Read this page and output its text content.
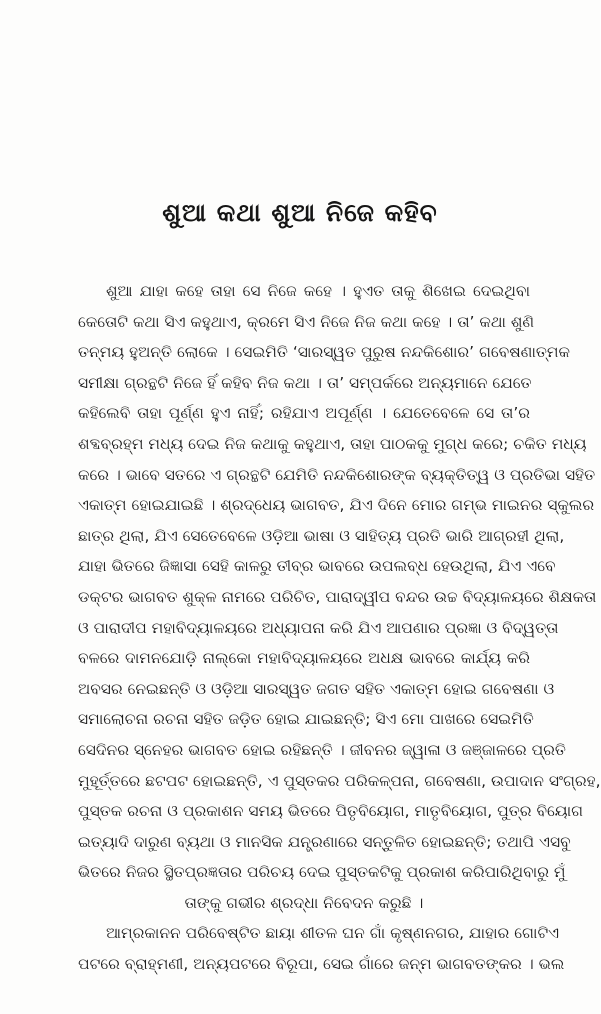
ଶୁଆ କଥା ଶୁଆ ନିଜେ କହିବ
ଶୁଆ ଯାହା କହେ ତାହା ସେ ନିଜେ କହେ । ହୁଏତ ତାକୁ ଶିଖେଇ ଦେଇଥିବା
କେତୋଟି କଥା ସିଏ କହୁଥାଏ, କ୍ରମେ ସିଏ ନିଜେ ନିଜ କଥା କହେ । ତା’ କଥା ଶୁଣି
ତନ୍ମୟ ହୁଅନ୍ତି ଲୋକେ । ସେଇମିତି ‘ସାରସ୍ୱତ ପୁରୁଷ ନନ୍ଦକିଶୋର’ ଗବେଷଣାତ୍ମକ
ସମୀକ୍ଷା ଗ୍ରନ୍ଥଟି ନିଜେ ହିଁ କହିବ ନିଜ କଥା । ତା’ ସମ୍ପର୍କରେ ଅନ୍ୟମାନେ ଯେତେ
କହିଲେବି ତାହା ପୂର୍ଣ୍ଣ ହୁଏ ନାହିଁ; ରହିଯାଏ ଅପୂର୍ଣ୍ଣ । ଯେତେବେଳେ ସେ ତା’ର
ଶବ୍ଦବ୍ରହ୍ମ ମଧ୍ୟ ଦେଇ ନିଜ କଥାକୁ କହୁଥାଏ, ତାହା ପାଠକକୁ ମୁଗ୍ଧ କରେ; ଚକିତ ମଧ୍ୟ
କରେ । ଭାବେ ସତରେ ଏ ଗ୍ରନ୍ଥଟି ଯେମିତି ନନ୍ଦକିଶୋରଙ୍କ ବ୍ୟକ୍ତିତ୍ୱ ଓ ପ୍ରତିଭା ସହିତ
ଏକାତ୍ମ ହୋଇଯାଇଛି । ଶ୍ରଦ୍ଧେୟ ଭାଗବତ, ଯିଏ ଦିନେ ମୋର ଗମ୍ଭ ମାଇନର ସ୍କୁଲର
ଛାତ୍ର ଥିଲା, ଯିଏ ସେତେବେଳେ ଓଡ଼ିଆ ଭାଷା ଓ ସାହିତ୍ୟ ପ୍ରତି ଭାରି ଆଗ୍ରହୀ ଥିଲା,
ଯାହା ଭିତରେ ଜିଜ୍ଞାସା ସେହି କାଳରୁ ତୀବ୍ର ଭାବରେ ଉପଲବ୍ଧ ହେଉଥିଲା, ଯିଏ ଏବେ
ଡକ୍ଟର ଭାଗବତ ଶୁକ୍ଳ ନାମରେ ପରିଚିତ, ପାରାଦ୍ୱୀପ ବନ୍ଦର ଉଚ୍ଚ ବିଦ୍ୟାଳୟରେ ଶିକ୍ଷକତା
ଓ ପାରାଦୀପ ମହାବିଦ୍ୟାଳୟରେ ଅଧ୍ୟାପନା କରି ଯିଏ ଆପଣାର ପ୍ରଜ୍ଞା ଓ ବିଦ୍ୱତ୍ତା
ବଳରେ ଦାମନଯୋଡ଼ି ନାଲ୍‌କୋ ମହାବିଦ୍ୟାଳୟରେ ଅଧକ୍ଷ ଭାବରେ କାର୍ଯ୍ୟ କରି
ଅବସର ନେଇଛନ୍ତି ଓ ଓଡ଼ିଆ ସାରସ୍ୱତ ଜଗତ ସହିତ ଏକାତ୍ମ ହୋଇ ଗବେଷଣା ଓ
ସମାଲୋଚନା ରଚନା ସହିତ ଜଡ଼ିତ ହୋଇ ଯାଇଛନ୍ତି; ସିଏ ମୋ ପାଖରେ ସେଇମିତି
ସେଦିନର ସ୍ନେହର ଭାଗବତ ହୋଇ ରହିଛନ୍ତି । ଜୀବନର ଜ୍ୱାଳା ଓ ଜଞ୍ଜାଳରେ ପ୍ରତି
ମୁହୂର୍ତ୍ତରେ ଛଟପଟ ହୋଇଛନ୍ତି, ଏ ପୁସ୍ତକର ପରିକଳ୍ପନା, ଗବେଷଣା, ଉପାଦାନ ସଂଗ୍ରହ,
ପୁସ୍ତକ ରଚନା ଓ ପ୍ରକାଶନ ସମୟ ଭିତରେ ପିତୃବିୟୋଗ, ମାତୃବିୟୋଗ, ପୁତ୍ର ବିୟୋଗ
ଇତ୍ୟାଦି ଦାରୁଣ ବ୍ୟଥା ଓ ମାନସିକ ଯନ୍ତ୍ରଣାରେ ସନ୍ତୁଳିତ ହୋଇଛନ୍ତି; ତଥାପି ଏସବୁ
ଭିତରେ ନିଜର ସ୍ଥିତପ୍ରଜ୍ଞତାର ପରିଚୟ ଦେଇ ପୁସ୍ତକଟିକୁ ପ୍ରକାଶ କରିପାରିଥିବାରୁ ମୁଁ
ତାଙ୍କୁ ଗଭୀର ଶ୍ରଦ୍ଧା ନିବେଦନ କରୁଛି ।
ଆମ୍ରକାନନ ପରିବେଷ୍ଟିତ ଛାୟା ଶୀତଳ ଘନ ଗାଁ କୃଷ୍ଣନଗର, ଯାହାର ଗୋଟିଏ
ପଟରେ ବ୍ରାହ୍ମଣୀ, ଅନ୍ୟପଟରେ ବିରୂପା, ସେଇ ଗାଁରେ ଜନ୍ମ ଭାଗବତଙ୍କର । ଭଲ
